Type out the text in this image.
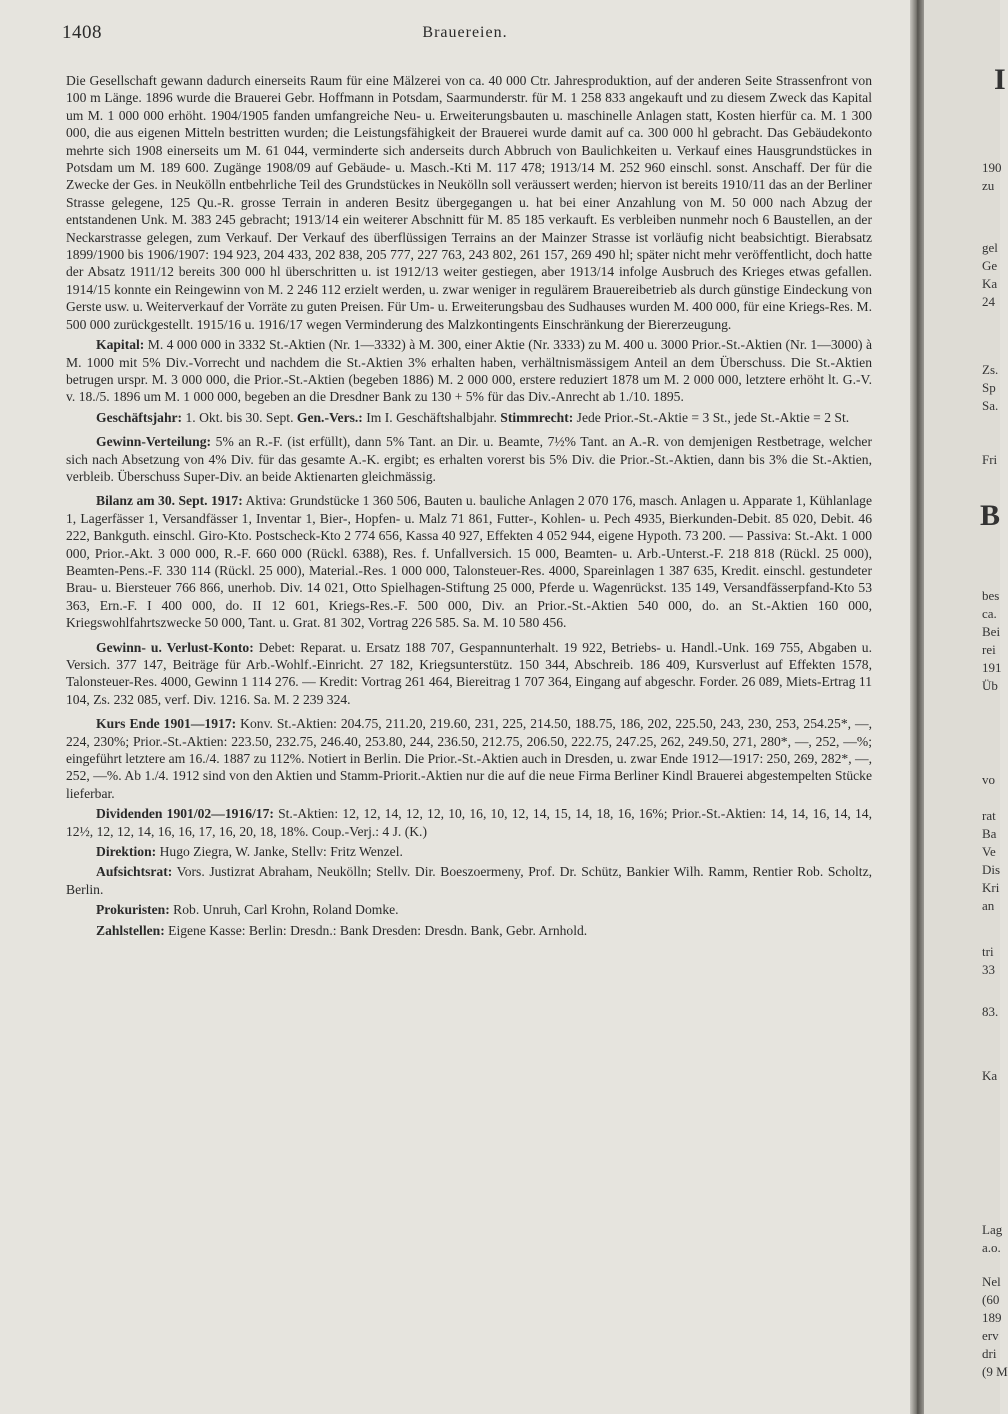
1408	Brauereien.

Die Gesellschaft gewann dadurch einerseits Raum für eine Mälzerei von ca. 40 000 Ctr. Jahresproduktion, auf der anderen Seite Strassenfront von 100 m Länge. 1896 wurde die Brauerei Gebr. Hoffmann in Potsdam, Saarmunderstr. für M. 1 258 833 angekauft und zu diesem Zweck das Kapital um M. 1 000 000 erhöht. 1904/1905 fanden umfangreiche Neu- u. Erweiterungsbauten u. maschinelle Anlagen statt, Kosten hierfür ca. M. 1 300 000, die aus eigenen Mitteln bestritten wurden; die Leistungsfähigkeit der Brauerei wurde damit auf ca. 300 000 hl gebracht. Das Gebäudekonto mehrte sich 1908 einerseits um M. 61 044, verminderte sich anderseits durch Abbruch von Baulichkeiten u. Verkauf eines Hausgrundstückes in Potsdam um M. 189 600. Zugänge 1908/09 auf Gebäude- u. Masch.-Kti M. 117 478; 1913/14 M. 252 960 einschl. sonst. Anschaff. Der für die Zwecke der Ges. in Neukölln entbehrliche Teil des Grundstückes in Neukölln soll veräussert werden; hiervon ist bereits 1910/11 das an der Berliner Strasse gelegene, 125 Qu.-R. grosse Terrain in anderen Besitz übergegangen u. hat bei einer Anzahlung von M. 50 000 nach Abzug der entstandenen Unk. M. 383 245 gebracht; 1913/14 ein weiterer Abschnitt für M. 85 185 verkauft. Es verbleiben nunmehr noch 6 Baustellen, an der Neckarstrasse gelegen, zum Verkauf. Der Verkauf des überflüssigen Terrains an der Mainzer Strasse ist vorläufig nicht beabsichtigt. Bierabsatz 1899/1900 bis 1906/1907: 194 923, 204 433, 202 838, 205 777, 227 763, 243 802, 261 157, 269 490 hl; später nicht mehr veröffentlicht, doch hatte der Absatz 1911/12 bereits 300 000 hl überschritten u. ist 1912/13 weiter gestiegen, aber 1913/14 infolge Ausbruch des Krieges etwas gefallen. 1914/15 konnte ein Reingewinn von M. 2 246 112 erzielt werden, u. zwar weniger in regulärem Brauereibetrieb als durch günstige Eindeckung von Gerste usw. u. Weiterverkauf der Vorräte zu guten Preisen. Für Um- u. Erweiterungsbau des Sudhauses wurden M. 400 000, für eine Kriegs-Res. M. 500 000 zurückgestellt. 1915/16 u. 1916/17 wegen Verminderung des Malzkontingents Einschränkung der Biererzeugung.

Kapital: M. 4 000 000 in 3332 St.-Aktien (Nr. 1—3332) à M. 300, einer Aktie (Nr. 3333) zu M. 400 u. 3000 Prior.-St.-Aktien (Nr. 1—3000) à M. 1000 mit 5% Div.-Vorrecht und nachdem die St.-Aktien 3% erhalten haben, verhältnismässigem Anteil an dem Überschuss. Die St.-Aktien betrugen urspr. M. 3 000 000, die Prior.-St.-Aktien (begeben 1886) M. 2 000 000, erstere reduziert 1878 um M. 2 000 000, letztere erhöht lt. G.-V. v. 18./5. 1896 um M. 1 000 000, begeben an die Dresdner Bank zu 130 + 5% für das Div.-Anrecht ab 1./10. 1895.

Geschäftsjahr: 1. Okt. bis 30. Sept. Gen.-Vers.: Im I. Geschäftshalbjahr. Stimmrecht: Jede Prior.-St.-Aktie = 3 St., jede St.-Aktie = 2 St.

Gewinn-Verteilung: 5% an R.-F. (ist erfüllt), dann 5% Tant. an Dir. u. Beamte, 7½% Tant. an A.-R. von demjenigen Restbetrage, welcher sich nach Absetzung von 4% Div. für das gesamte A.-K. ergibt; es erhalten vorerst bis 5% Div. die Prior.-St.-Aktien, dann bis 3% die St.-Aktien, verbleib. Überschuss Super-Div. an beide Aktienarten gleichmässig.

Bilanz am 30. Sept. 1917: Aktiva: Grundstücke 1 360 506, Bauten u. bauliche Anlagen 2 070 176, masch. Anlagen u. Apparate 1, Kühlanlage 1, Lagerfässer 1, Versandfässer 1, Inventar 1, Bier-, Hopfen- u. Malz 71 861, Futter-, Kohlen- u. Pech 4935, Bierkunden-Debit. 85 020, Debit. 46 222, Bankguth. einschl. Giro-Kto. Postscheck-Kto 2 774 656, Kassa 40 927, Effekten 4 052 944, eigene Hypoth. 73 200. — Passiva: St.-Akt. 1 000 000, Prior.-Akt. 3 000 000, R.-F. 660 000 (Rückl. 6388), Res. f. Unfallversich. 15 000, Beamten- u. Arb.-Unterst.-F. 218 818 (Rückl. 25 000), Beamten-Pens.-F. 330 114 (Rückl. 25 000), Material.-Res. 1 000 000, Talonsteuer-Res. 4000, Spareinlagen 1 387 635, Kredit. einschl. gestundeter Brau- u. Biersteuer 766 866, unerhob. Div. 14 021, Otto Spielhagen-Stiftung 25 000, Pferde u. Wagenrückst. 135 149, Versandfässerpfand-Kto 53 363, Ern.-F. I 400 000, do. II 12 601, Kriegs-Res.-F. 500 000, Div. an Prior.-St.-Aktien 540 000, do. an St.-Aktien 160 000, Kriegswohlfahrtszwecke 50 000, Tant. u. Grat. 81 302, Vortrag 226 585. Sa. M. 10 580 456.

Gewinn- u. Verlust-Konto: Debet: Reparat. u. Ersatz 188 707, Gespannunterhalt. 19 922, Betriebs- u. Handl.-Unk. 169 755, Abgaben u. Versich. 377 147, Beiträge für Arb.-Wohlf.-Einricht. 27 182, Kriegsunterstütz. 150 344, Abschreib. 186 409, Kursverlust auf Effekten 1578, Talonsteuer-Res. 4000, Gewinn 1 114 276. — Kredit: Vortrag 261 464, Biereitrag 1 707 364, Eingang auf abgeschr. Forder. 26 089, Miets-Ertrag 11 104, Zs. 232 085, verf. Div. 1216. Sa. M. 2 239 324.

Kurs Ende 1901—1917: Konv. St.-Aktien: 204.75, 211.20, 219.60, 231, 225, 214.50, 188.75, 186, 202, 225.50, 243, 230, 253, 254.25*, —, 224, 230%; Prior.-St.-Aktien: 223.50, 232.75, 246.40, 253.80, 244, 236.50, 212.75, 206.50, 222.75, 247.25, 262, 249.50, 271, 280*, —, 252, —%; eingeführt letztere am 16./4. 1887 zu 112%. Notiert in Berlin. Die Prior.-St.-Aktien auch in Dresden, u. zwar Ende 1912—1917: 250, 269, 282*, —, 252, —%. Ab 1./4. 1912 sind von den Aktien und Stamm-Priorit.-Aktien nur die auf die neue Firma Berliner Kindl Brauerei abgestempelten Stücke lieferbar.

Dividenden 1901/02—1916/17: St.-Aktien: 12, 12, 14, 12, 12, 10, 16, 10, 12, 14, 15, 14, 18, 16, 16%; Prior.-St.-Aktien: 14, 14, 16, 14, 14, 12½, 12, 12, 14, 16, 16, 17, 16, 20, 18, 18%. Coup.-Verj.: 4 J. (K.)

Direktion: Hugo Ziegra, W. Janke, Stellv: Fritz Wenzel.

Aufsichtsrat: Vors. Justizrat Abraham, Neukölln; Stellv. Dir. Boeszoermeny, Prof. Dr. Schütz, Bankier Wilh. Ramm, Rentier Rob. Scholtz, Berlin.

Prokuristen: Rob. Unruh, Carl Krohn, Roland Domke.

Zahlstellen: Eigene Kasse: Berlin: Dresdn.: Bank Dresden: Dresdn. Bank, Gebr. Arnhold.

I
190
zu
gel
Ge
Ka
24
Zs.
Sp
Sa.
Fri
B
bes
ca.
Bei
rei
191
Üb
vo
rat
Ba
Ve
Dis
Kri
an
tri
33
83.
Ka
Lag
a.o.
Nel
(60
189
erv
dri
(9 M
